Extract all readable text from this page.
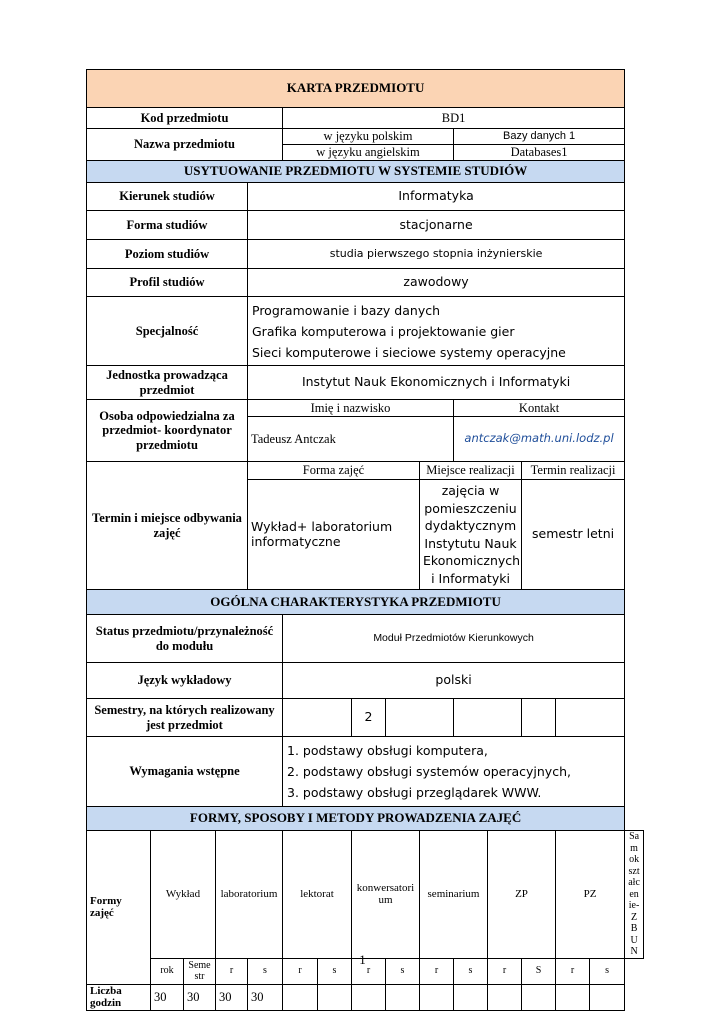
KARTA PRZEDMIOTU															
Kod przedmiotu					BD1										
Nazwa przedmiotu					w języku polskim					Bazy danych 1					
					w języku angielskim					Databases1					
USYTUOWANIE PRZEDMIOTU W SYSTEMIE STUDIÓW															
Kierunek studiów				Informatyka											
Forma studiów				stacjonarne											
Poziom studiów				studia pierwszego stopnia inżynierskie											
Profil studiów				zawodowy											
Specjalność				Programowanie i bazy danych
Grafika komputerowa i projektowanie gier
Sieci komputerowe i sieciowe systemy operacyjne											

Jednostka prowadząca przedmiot				Instytut Nauk Ekonomicznych i Informatyki											
Osoba odpowiedzialna za przedmiot- koordynator przedmiotu				Imię i nazwisko						Kontakt					
				Tadeusz Antczak						antczak@math.uni.lodz.pl					
Termin i miejsce odbywania zajęć				Forma zajęć					Miejsce realizacji			Termin realizacji			
				Wykład+ laboratorium informatyczne					zajęcia w pomieszczeniu dydaktycznym Instytutu Nauk Ekonomicznych i Informatyki			semestr letni			
OGÓLNA CHARAKTERYSTYKA PRZEDMIOTU															
Status przedmiotu/przynależność do modułu					Moduł Przedmiotów Kierunkowych										
Język wykładowy					polski										
Semestry, na których realizowany jest przedmiot							2								
Wymagania wstępne					1. podstawy obsługi komputera,
2. podstawy obsługi systemów operacyjnych,
3. podstawy obsługi przeglądarek WWW.										

FORMY, SPOSOBY I METODY PROWADZENIA ZAJĘĆ															
Formy zajęć	Wykład		laboratorium		lektorat		konwersatorium		seminarium		ZP		PZ		Samokształcenie-ZBUN
	rok	Semestr	r	s	r	s	r	s	r	s	r	S	r	s	
Liczba godzin	30	30	30	30											
1
